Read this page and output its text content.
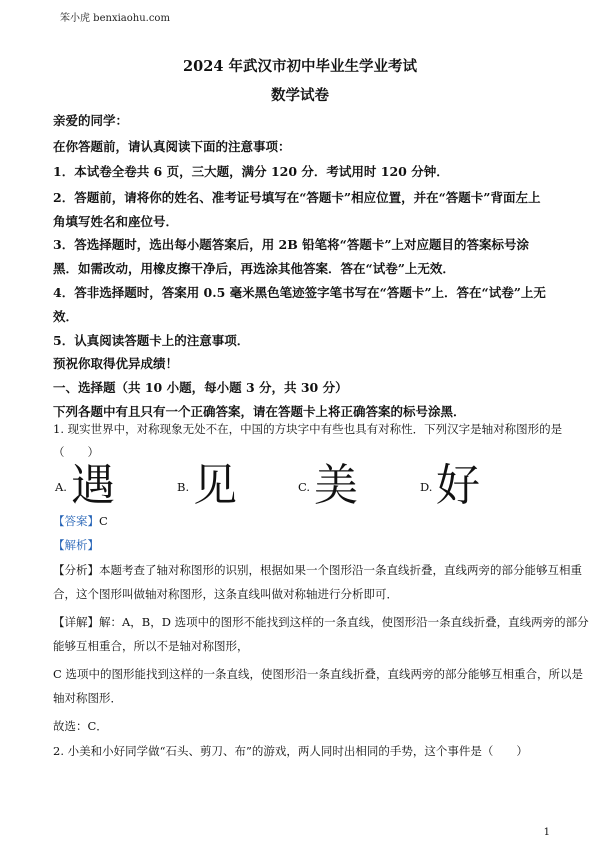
笨小虎 benxiaohu.com
2024 年武汉市初中毕业生学业考试
数学试卷
亲爱的同学：
在你答题前，请认真阅读下面的注意事项：
1．本试卷全卷共 6 页，三大题，满分 120 分．考试用时 120 分钟．
2．答题前，请将你的姓名、准考证号填写在“答题卡”相应位置，并在“答题卡”背面左上
角填写姓名和座位号．
3．答选择题时，选出每小题答案后，用 2B 铅笔将“答题卡”上对应题目的答案标号涂
黑．如需改动，用橡皮擦干净后，再选涂其他答案．答在“试卷”上无效．
4．答非选择题时，答案用 0.5 毫米黑色笔迹签字笔书写在“答题卡”上．答在“试卷”上无
效．
5．认真阅读答题卡上的注意事项．
预祝你取得优异成绩！
一、选择题（共 10 小题，每小题 3 分，共 30 分）
下列各题中有且只有一个正确答案，请在答题卡上将正确答案的标号涂黑．
1. 现实世界中，对称现象无处不在，中国的方块字中有些也具有对称性．下列汉字是轴对称图形的是
（　　）
A. 遇	B. 见	C. 美	D. 好
【答案】C
【解析】
【分析】本题考查了轴对称图形的识别，根据如果一个图形沿一条直线折叠，直线两旁的部分能够互相重
合，这个图形叫做轴对称图形，这条直线叫做对称轴进行分析即可．
【详解】解：A，B，D 选项中的图形不能找到这样的一条直线，使图形沿一条直线折叠，直线两旁的部分
能够互相重合，所以不是轴对称图形，
C 选项中的图形能找到这样的一条直线，使图形沿一条直线折叠，直线两旁的部分能够互相重合，所以是
轴对称图形．
故选：C．
2. 小美和小好同学做“石头、剪刀、布”的游戏，两人同时出相同的手势，这个事件是（　　）
1
